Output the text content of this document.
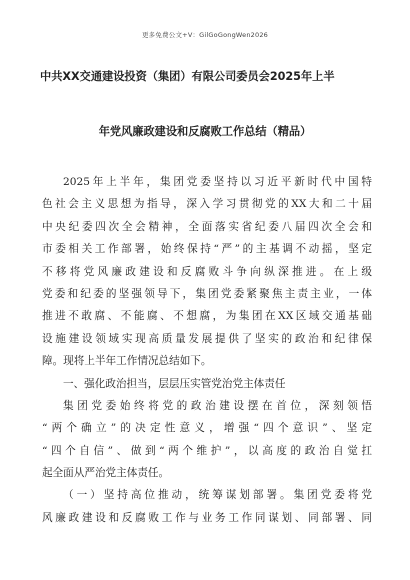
更多免费公文+V：GilGoGongWen2026
中共XX交通建设投资（集团）有限公司委员会2025年上半
年党风廉政建设和反腐败工作总结（精品）
2025年上半年，集团党委坚持以习近平新时代中国特
色社会主义思想为指导，深入学习贯彻党的XX大和二十届
中央纪委四次全会精神，全面落实省纪委八届四次全会和
市委相关工作部署，始终保持“严”的主基调不动摇，坚定
不移将党风廉政建设和反腐败斗争向纵深推进。在上级
党委和纪委的坚强领导下，集团党委紧聚焦主责主业，一体
推进不敢腐、不能腐、不想腐，为集团在XX区域交通基础
设施建设领域实现高质量发展提供了坚实的政治和纪律保
障。现将上半年工作情况总结如下。
一、强化政治担当，层层压实管党治党主体责任
集团党委始终将党的政治建设摆在首位，深刻领悟
“两个确立”的决定性意义，增强“四个意识”、坚定
“四个自信”、做到“两个维护”，以高度的政治自觉扛
起全面从严治党主体责任。
（一）坚持高位推动，统筹谋划部署。集团党委将党
风廉政建设和反腐败工作与业务工作同谋划、同部署、同
